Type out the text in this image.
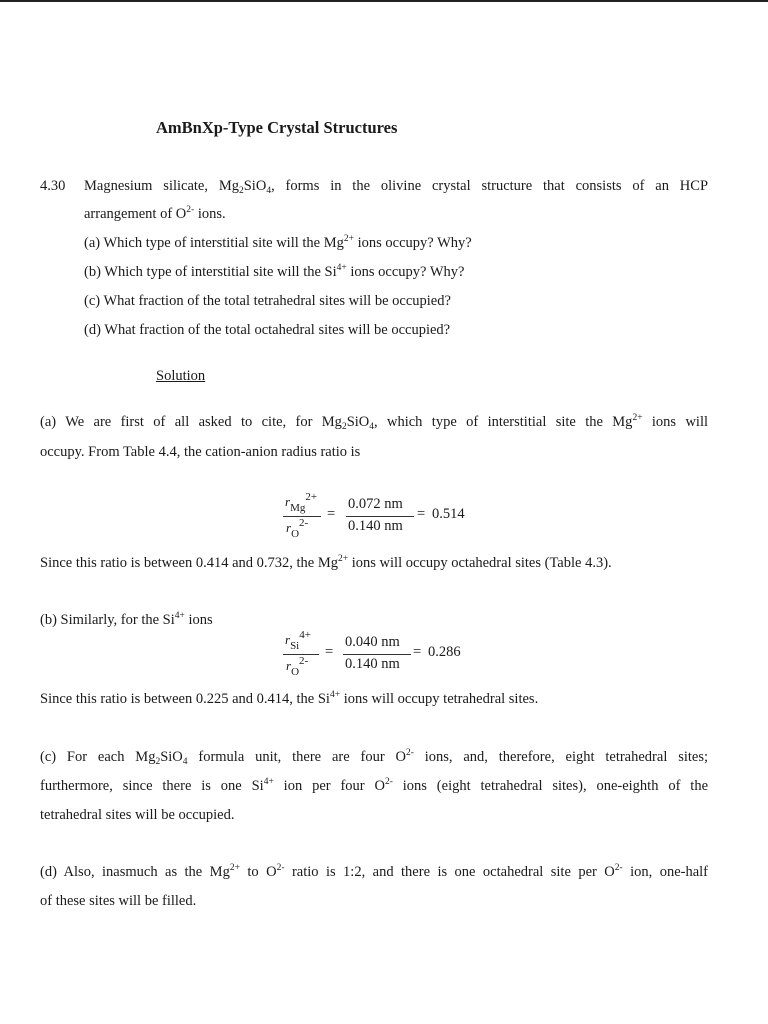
AmBnXp-Type Crystal Structures
4.30 Magnesium silicate, $Mg_2SiO_4$, forms in the olivine crystal structure that consists of an HCP
arrangement of $O^{2-}$ ions.
(a) Which type of interstitial site will the $Mg^{2+}$ ions occupy? Why?
(b) Which type of interstitial site will the $Si^{4+}$ ions occupy? Why?
(c) What fraction of the total tetrahedral sites will be occupied?
(d) What fraction of the total octahedral sites will be occupied?
Solution
(a) We are first of all asked to cite, for $Mg_2SiO_4$, which type of interstitial site the $Mg^{2+}$ ions will
occupy. From Table 4.4, the cation-anion radius ratio is
$r_{Mg}^{2+}$
$r_O^{2-}$
=
0.072 nm
0.140 nm
= 0.514
Since this ratio is between 0.414 and 0.732, the $Mg^{2+}$ ions will occupy octahedral sites (Table 4.3).
(b) Similarly, for the $Si^{4+}$ ions
$r_{Si}^{4+}$
$r_O^{2-}$
=
0.040 nm
0.140 nm
= 0.286
Since this ratio is between 0.225 and 0.414, the $Si^{4+}$ ions will occupy tetrahedral sites.
(c) For each $Mg_2SiO_4$ formula unit, there are four $O^{2-}$ ions, and, therefore, eight tetrahedral sites;
furthermore, since there is one $Si^{4+}$ ion per four $O^{2-}$ ions (eight tetrahedral sites), one-eighth of the
tetrahedral sites will be occupied.
(d) Also, inasmuch as the $Mg^{2+}$ to $O^{2-}$ ratio is 1:2, and there is one octahedral site per $O^{2-}$ ion, one-half
of these sites will be filled.
